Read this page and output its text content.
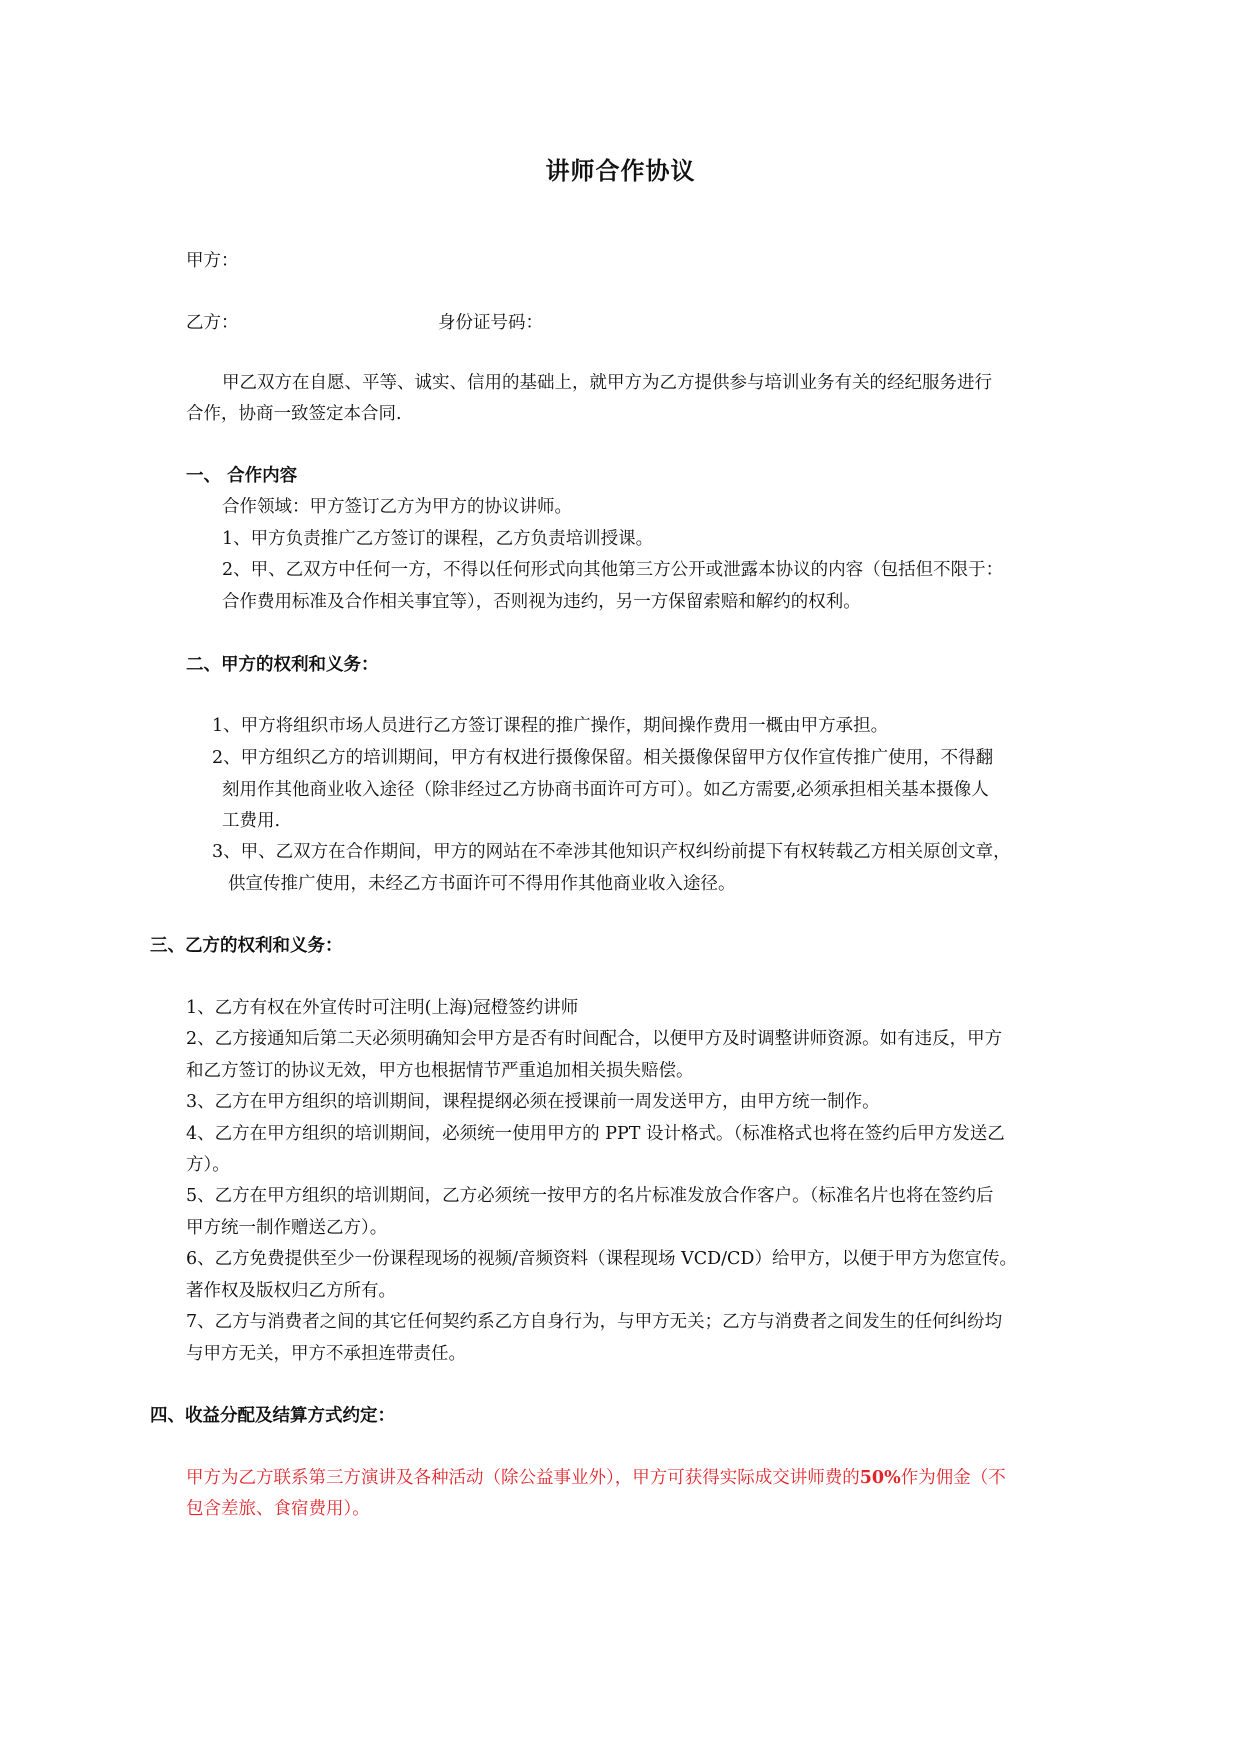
讲师合作协议
甲方：
乙方：	身份证号码：
甲乙双方在自愿、平等、诚实、信用的基础上，就甲方为乙方提供参与培训业务有关的经纪服务进行
合作，协商一致签定本合同.
一、 合作内容
合作领域：甲方签订乙方为甲方的协议讲师。
1、甲方负责推广乙方签订的课程，乙方负责培训授课。
2、甲、乙双方中任何一方，不得以任何形式向其他第三方公开或泄露本协议的内容（包括但不限于：
合作费用标准及合作相关事宜等），否则视为违约，另一方保留索赔和解约的权利。
二、甲方的权利和义务：
1、甲方将组织市场人员进行乙方签订课程的推广操作，期间操作费用一概由甲方承担。
2、甲方组织乙方的培训期间，甲方有权进行摄像保留。相关摄像保留甲方仅作宣传推广使用，不得翻
刻用作其他商业收入途径（除非经过乙方协商书面许可方可）。如乙方需要,必须承担相关基本摄像人
工费用.
3、甲、乙双方在合作期间，甲方的网站在不牵涉其他知识产权纠纷前提下有权转载乙方相关原创文章，
供宣传推广使用，未经乙方书面许可不得用作其他商业收入途径。
三、乙方的权利和义务：
1、乙方有权在外宣传时可注明(上海)冠橙签约讲师
2、乙方接通知后第二天必须明确知会甲方是否有时间配合，以便甲方及时调整讲师资源。如有违反，甲方
和乙方签订的协议无效，甲方也根据情节严重追加相关损失赔偿。
3、乙方在甲方组织的培训期间，课程提纲必须在授课前一周发送甲方，由甲方统一制作。
4、乙方在甲方组织的培训期间，必须统一使用甲方的 PPT 设计格式。（标准格式也将在签约后甲方发送乙
方）。
5、乙方在甲方组织的培训期间，乙方必须统一按甲方的名片标准发放合作客户。（标准名片也将在签约后
甲方统一制作赠送乙方）。
6、乙方免费提供至少一份课程现场的视频/音频资料（课程现场 VCD/CD）给甲方，以便于甲方为您宣传。
著作权及版权归乙方所有。
7、乙方与消费者之间的其它任何契约系乙方自身行为，与甲方无关；乙方与消费者之间发生的任何纠纷均
与甲方无关，甲方不承担连带责任。
四、收益分配及结算方式约定：
甲方为乙方联系第三方演讲及各种活动（除公益事业外），甲方可获得实际成交讲师费的50%作为佣金（不
包含差旅、食宿费用）。
